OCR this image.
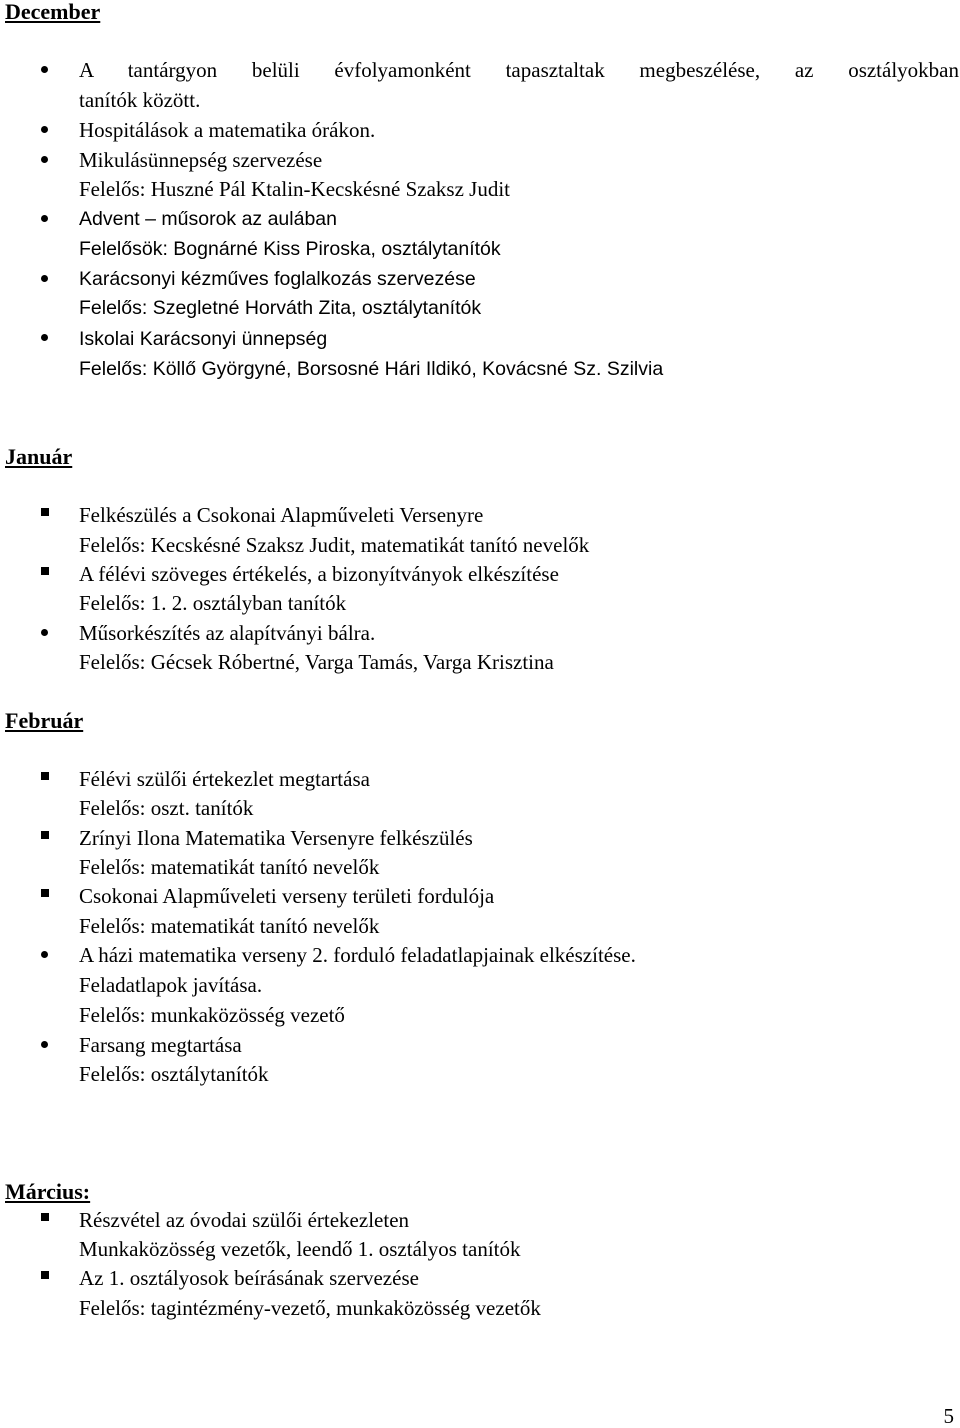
December
A tantárgyon belüli évfolyamonként tapasztaltak megbeszélése, az osztályokban
tanítók között.
Hospitálások a matematika órákon.
Mikulásünnepség szervezése
Felelős: Huszné Pál Ktalin-Kecskésné Szaksz Judit
Advent – műsorok az aulában
Felelősök: Bognárné Kiss Piroska, osztálytanítók
Karácsonyi kézműves foglalkozás szervezése
Felelős: Szegletné Horváth Zita, osztálytanítók
Iskolai Karácsonyi ünnepség
Felelős: Köllő Györgyné, Borsosné Hári Ildikó, Kovácsné Sz. Szilvia
Január
Felkészülés a Csokonai Alapműveleti Versenyre
Felelős: Kecskésné Szaksz Judit, matematikát tanító nevelők
A félévi szöveges értékelés, a bizonyítványok elkészítése
Felelős: 1. 2. osztályban tanítók
Műsorkészítés az alapítványi bálra.
Felelős: Gécsek Róbertné, Varga Tamás, Varga Krisztina
Február
Félévi szülői értekezlet megtartása
Felelős: oszt. tanítók
Zrínyi Ilona Matematika Versenyre felkészülés
Felelős: matematikát tanító nevelők
Csokonai Alapműveleti verseny területi fordulója
Felelős: matematikát tanító nevelők
A házi matematika verseny 2. forduló feladatlapjainak elkészítése.
Feladatlapok javítása.
Felelős: munkaközösség vezető
Farsang megtartása
Felelős: osztálytanítók
Március:
Részvétel az óvodai szülői értekezleten
Munkaközösség vezetők, leendő 1. osztályos tanítók
Az 1. osztályosok beírásának szervezése
Felelős: tagintézmény-vezető, munkaközösség vezetők
5
